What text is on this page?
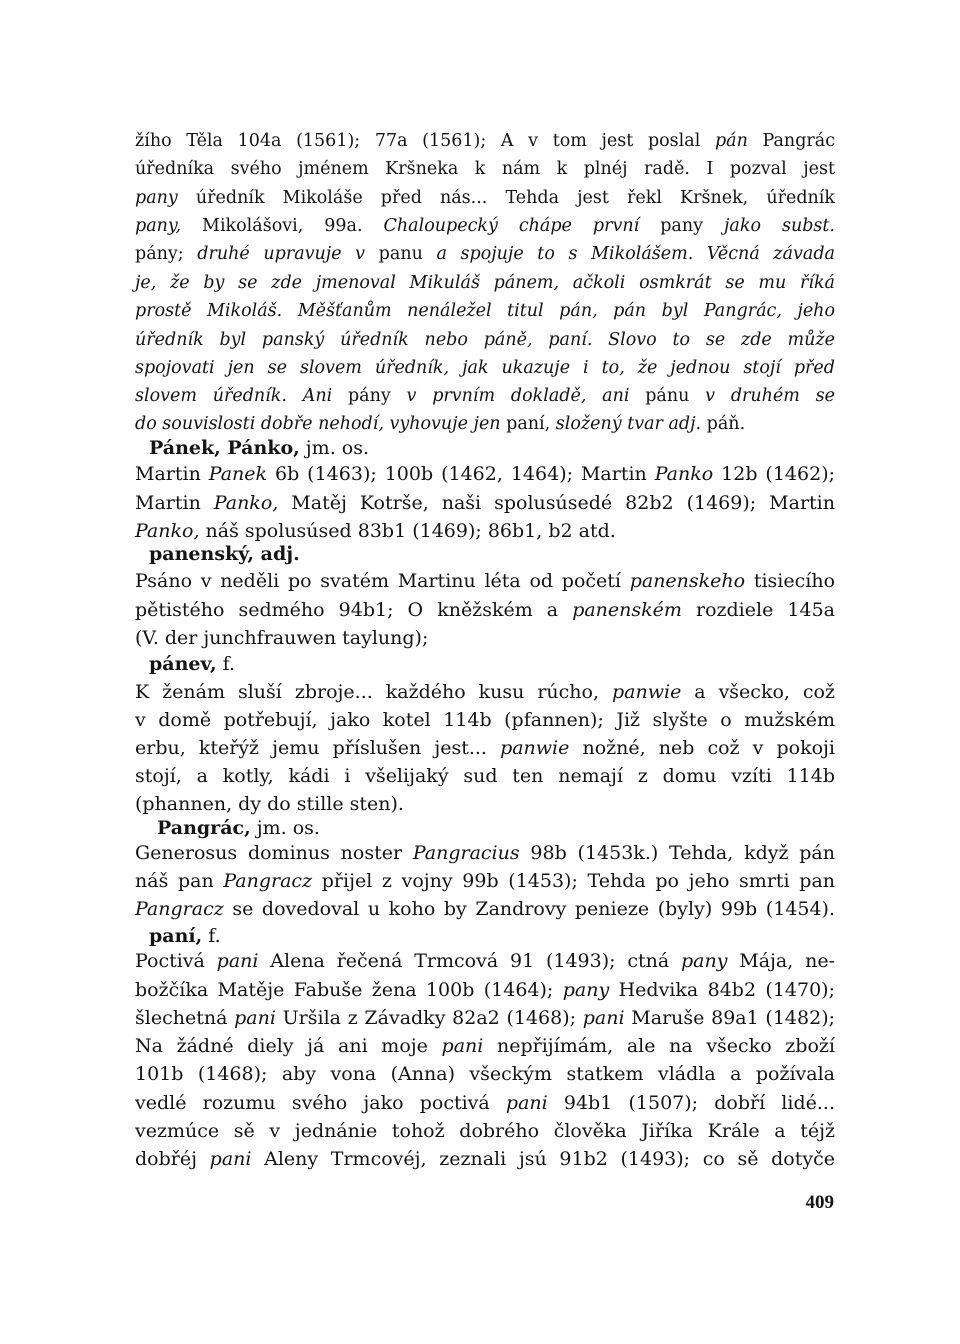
žího Těla 104a (1561); 77a (1561); A v tom jest poslal pán Pangrác
úředníka svého jménem Kršneka k nám k plnéj radě. I pozval jest
pany úředník Mikoláše před nás... Tehda jest řekl Kršnek, úředník
pany, Mikolášovi, 99a. Chaloupecký chápe první pany jako subst.
pány; druhé upravuje v panu a spojuje to s Mikolášem. Věcná závada
je, že by se zde jmenoval Mikuláš pánem, ačkoli osmkrát se mu říká
prostě Mikoláš. Měšťanům nenáležel titul pán, pán byl Pangrác, jeho
úředník byl panský úředník nebo páně, paní. Slovo to se zde může
spojovati jen se slovem úředník, jak ukazuje i to, že jednou stojí před
slovem úředník. Ani pány v prvním dokladě, ani pánu v druhém se
do souvislosti dobře nehodí, vyhovuje jen paní, složený tvar adj. páň.
Pánek, Pánko, jm. os.
Martin Panek 6b (1463); 100b (1462, 1464); Martin Panko 12b (1462);
Martin Panko, Matěj Kotrše, naši spolusúsedé 82b2 (1469); Martin
Panko, náš spolusúsed 83b1 (1469); 86b1, b2 atd.
panenský, adj.
Psáno v neděli po svatém Martinu léta od početí panenskeho tisiecího
pětistého sedmého 94b1; O kněžském a panenském rozdiele 145a
(V. der junchfrauwen taylung);
pánev, f.
K ženám sluší zbroje... každého kusu rúcho, panwie a všecko, což
v domě potřebují, jako kotel 114b (pfannen); Již slyšte o mužském
erbu, kteřýž jemu příslušen jest... panwie nožné, neb což v pokoji
stojí, a kotly, kádi i všelijaký sud ten nemají z domu vzíti 114b
(phannen, dy do stille sten).
Pangrác, jm. os.
Generosus dominus noster Pangracius 98b (1453k.) Tehda, když pán
náš pan Pangracz přijel z vojny 99b (1453); Tehda po jeho smrti pan
Pangracz se dovedoval u koho by Zandrovy penieze (byly) 99b (1454).
paní, f.
Poctivá pani Alena řečená Trmcová 91 (1493); ctná pany Mája, ne-
božčíka Matěje Fabuše žena 100b (1464); pany Hedvika 84b2 (1470);
šlechetná pani Uršila z Závadky 82a2 (1468); pani Maruše 89a1 (1482);
Na žádné diely já ani moje pani nepřijímám, ale na všecko zboží
101b (1468); aby vona (Anna) všeckým statkem vládla a požívala
vedlé rozumu svého jako poctivá pani 94b1 (1507); dobří lidé...
vezmúce sě v jednánie tohož dobrého člověka Jiříka Krále a téjž
dobřéj pani Aleny Trmcovéj, zeznali jsú 91b2 (1493); co sě dotyče
409
